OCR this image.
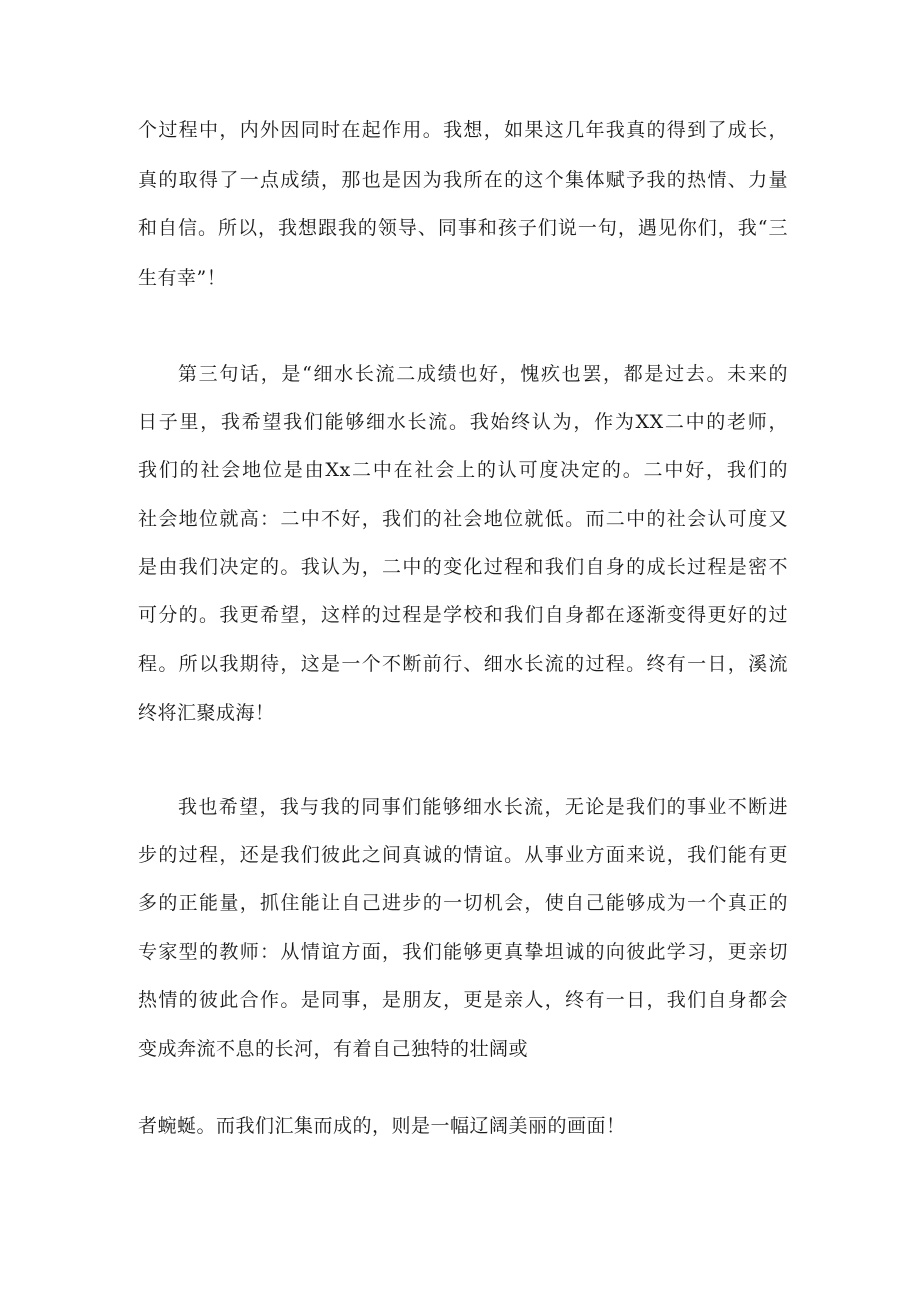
个过程中，内外因同时在起作用。我想，如果这几年我真的得到了成长，
真的取得了一点成绩，那也是因为我所在的这个集体赋予我的热情、力量
和自信。所以，我想跟我的领导、同事和孩子们说一句，遇见你们，我“三
生有幸”！
第三句话，是“细水长流二成绩也好，愧疚也罢，都是过去。未来的
日子里，我希望我们能够细水长流。我始终认为，作为XX二中的老师，
我们的社会地位是由Xx二中在社会上的认可度决定的。二中好，我们的
社会地位就高：二中不好，我们的社会地位就低。而二中的社会认可度又
是由我们决定的。我认为，二中的变化过程和我们自身的成长过程是密不
可分的。我更希望，这样的过程是学校和我们自身都在逐渐变得更好的过
程。所以我期待，这是一个不断前行、细水长流的过程。终有一日，溪流
终将汇聚成海！
我也希望，我与我的同事们能够细水长流，无论是我们的事业不断进
步的过程，还是我们彼此之间真诚的情谊。从事业方面来说，我们能有更
多的正能量，抓住能让自己进步的一切机会，使自己能够成为一个真正的
专家型的教师：从情谊方面，我们能够更真挚坦诚的向彼此学习，更亲切
热情的彼此合作。是同事，是朋友，更是亲人，终有一日，我们自身都会
变成奔流不息的长河，有着自己独特的壮阔或
者蜿蜒。而我们汇集而成的，则是一幅辽阔美丽的画面！
